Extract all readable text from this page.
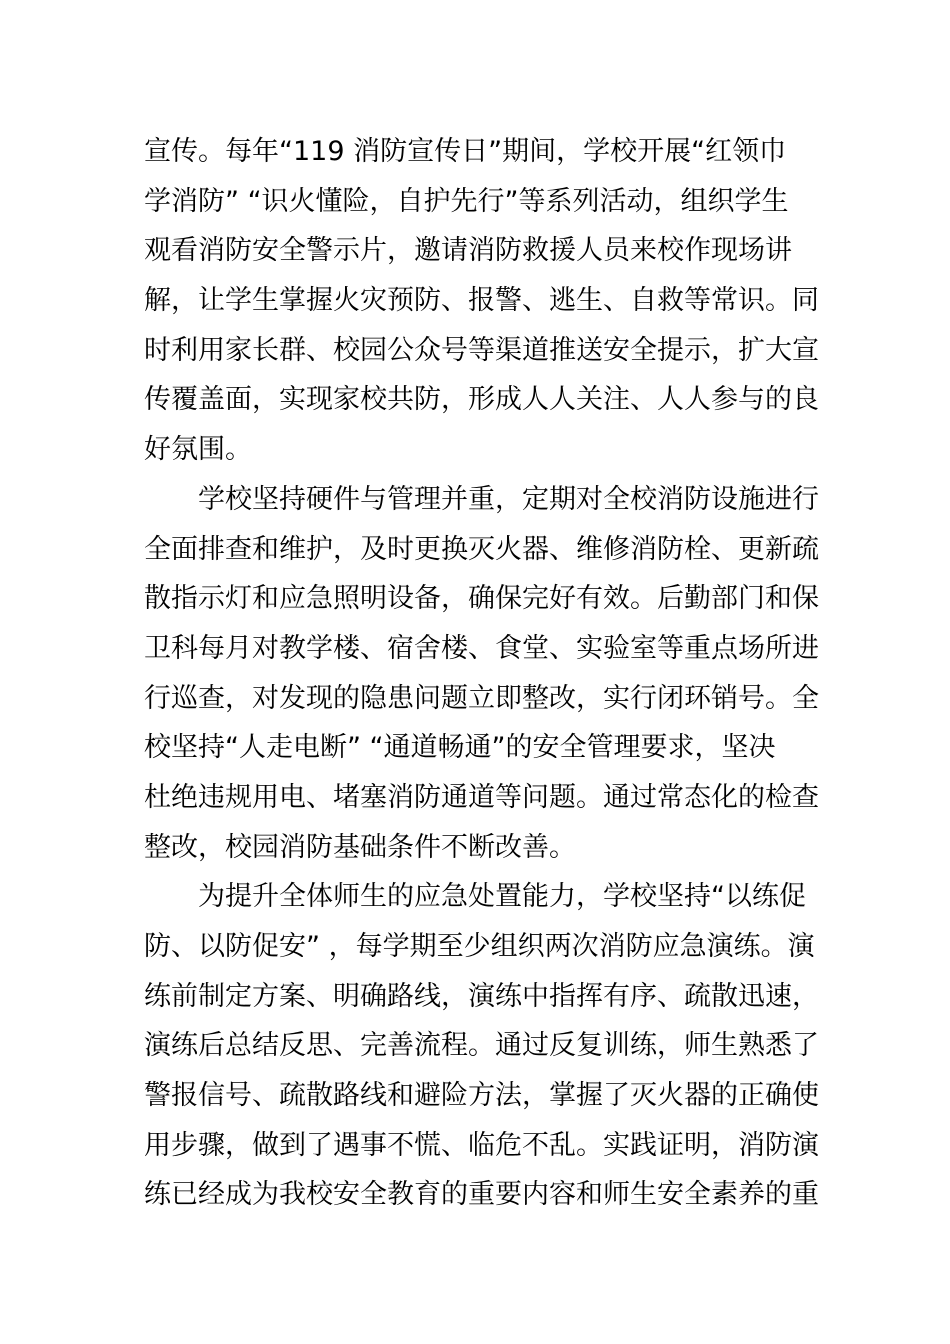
宣传。每年“119 消防宣传日”期间，学校开展“红领巾
学消防” “识火懂险，自护先行”等系列活动，组织学生
观看消防安全警示片，邀请消防救援人员来校作现场讲
解，让学生掌握火灾预防、报警、逃生、自救等常识。同
时利用家长群、校园公众号等渠道推送安全提示，扩大宣
传覆盖面，实现家校共防，形成人人关注、人人参与的良
好氛围。
学校坚持硬件与管理并重，定期对全校消防设施进行
全面排查和维护，及时更换灭火器、维修消防栓、更新疏
散指示灯和应急照明设备，确保完好有效。后勤部门和保
卫科每月对教学楼、宿舍楼、食堂、实验室等重点场所进
行巡查，对发现的隐患问题立即整改，实行闭环销号。全
校坚持“人走电断” “通道畅通”的安全管理要求，坚决
杜绝违规用电、堵塞消防通道等问题。通过常态化的检查
整改，校园消防基础条件不断改善。
为提升全体师生的应急处置能力，学校坚持“以练促
防、以防促安” ，每学期至少组织两次消防应急演练。演
练前制定方案、明确路线，演练中指挥有序、疏散迅速，
演练后总结反思、完善流程。通过反复训练，师生熟悉了
警报信号、疏散路线和避险方法，掌握了灭火器的正确使
用步骤，做到了遇事不慌、临危不乱。实践证明，消防演
练已经成为我校安全教育的重要内容和师生安全素养的重
